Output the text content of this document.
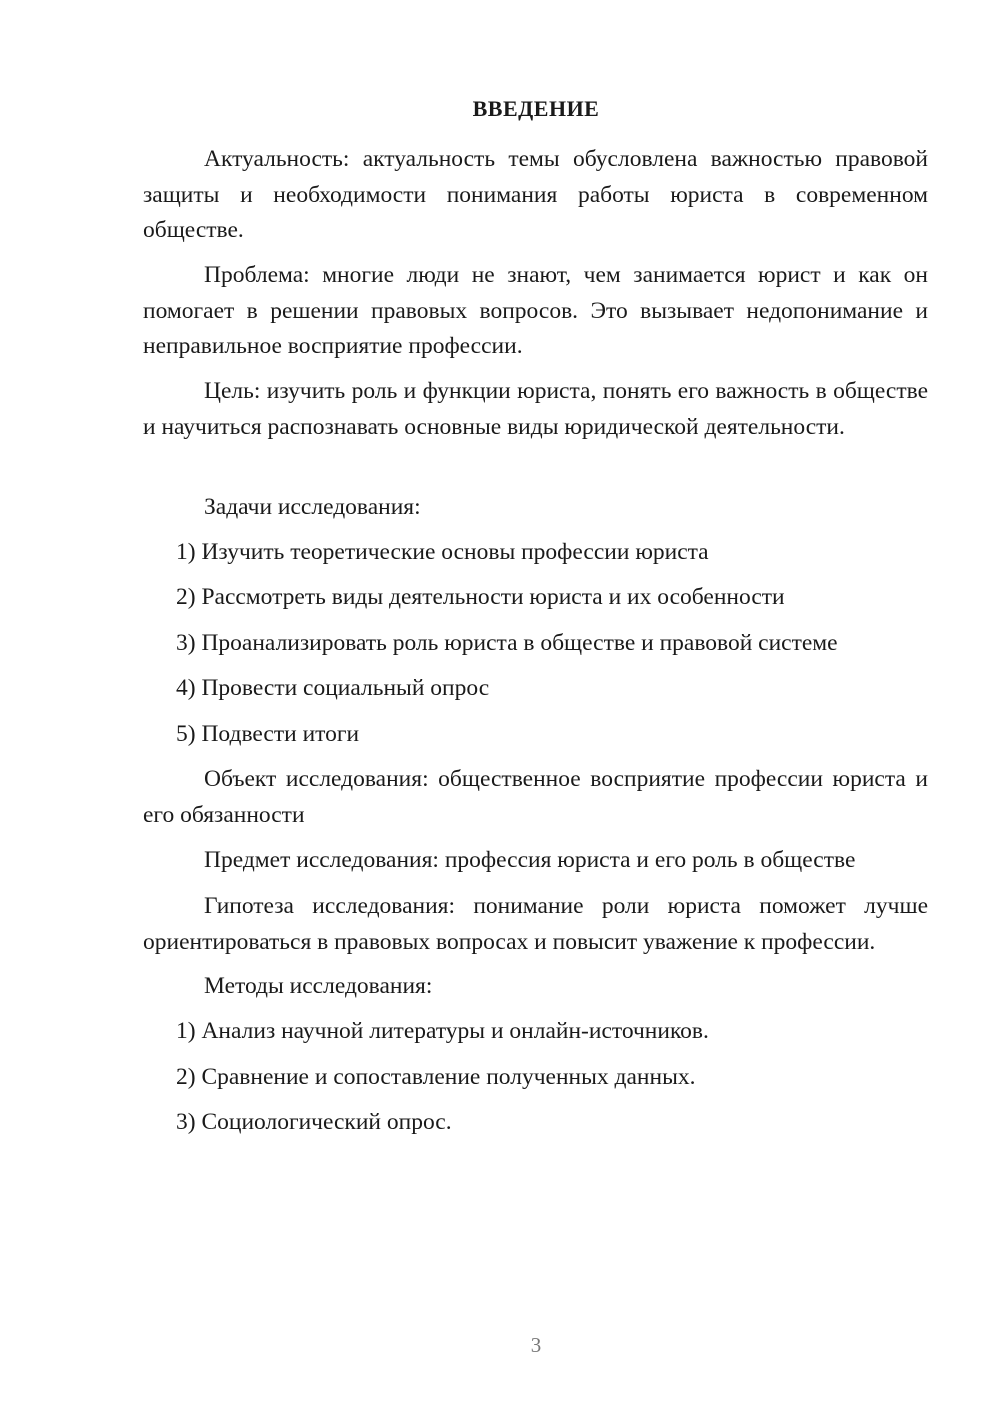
ВВЕДЕНИЕ

Актуальность: актуальность темы обусловлена важностью правовой защиты и необходимости понимания работы юриста в современном обществе.

Проблема: многие люди не знают, чем занимается юрист и как он помогает в решении правовых вопросов. Это вызывает недопонимание и неправильное восприятие профессии.

Цель: изучить роль и функции юриста, понять его важность в обществе и научиться распознавать основные виды юридической деятельности.

Задачи исследования:

1) Изучить теоретические основы профессии юриста

2) Рассмотреть виды деятельности юриста и их особенности

3) Проанализировать роль юриста в обществе и правовой системе

4) Провести социальный опрос

5) Подвести итоги

Объект исследования: общественное восприятие профессии юриста и его обязанности

Предмет исследования: профессия юриста и его роль в обществе

Гипотеза исследования: понимание роли юриста поможет лучше ориентироваться в правовых вопросах и повысит уважение к профессии.

Методы исследования:

1) Анализ научной литературы и онлайн-источников.

2) Сравнение и сопоставление полученных данных.

3) Социологический опрос.

3
